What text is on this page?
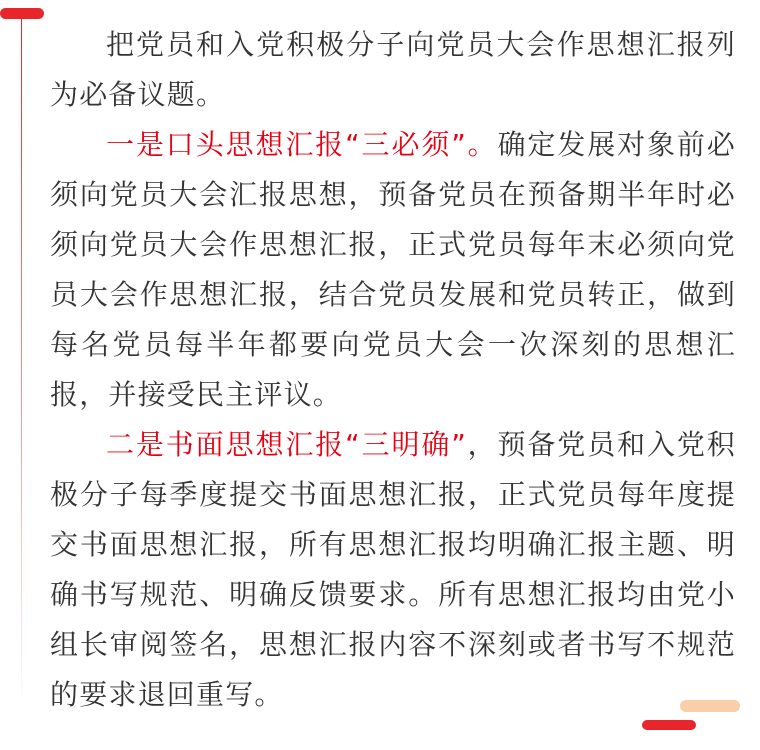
把党员和入党积极分子向党员大会作思想汇报列为必备议题。

一是口头思想汇报“三必须”。确定发展对象前必须向党员大会汇报思想，预备党员在预备期半年时必须向党员大会作思想汇报，正式党员每年末必须向党员大会作思想汇报，结合党员发展和党员转正，做到每名党员每半年都要向党员大会一次深刻的思想汇报，并接受民主评议。

二是书面思想汇报“三明确”，预备党员和入党积极分子每季度提交书面思想汇报，正式党员每年度提交书面思想汇报，所有思想汇报均明确汇报主题、明确书写规范、明确反馈要求。所有思想汇报均由党小组长审阅签名，思想汇报内容不深刻或者书写不规范的要求退回重写。
